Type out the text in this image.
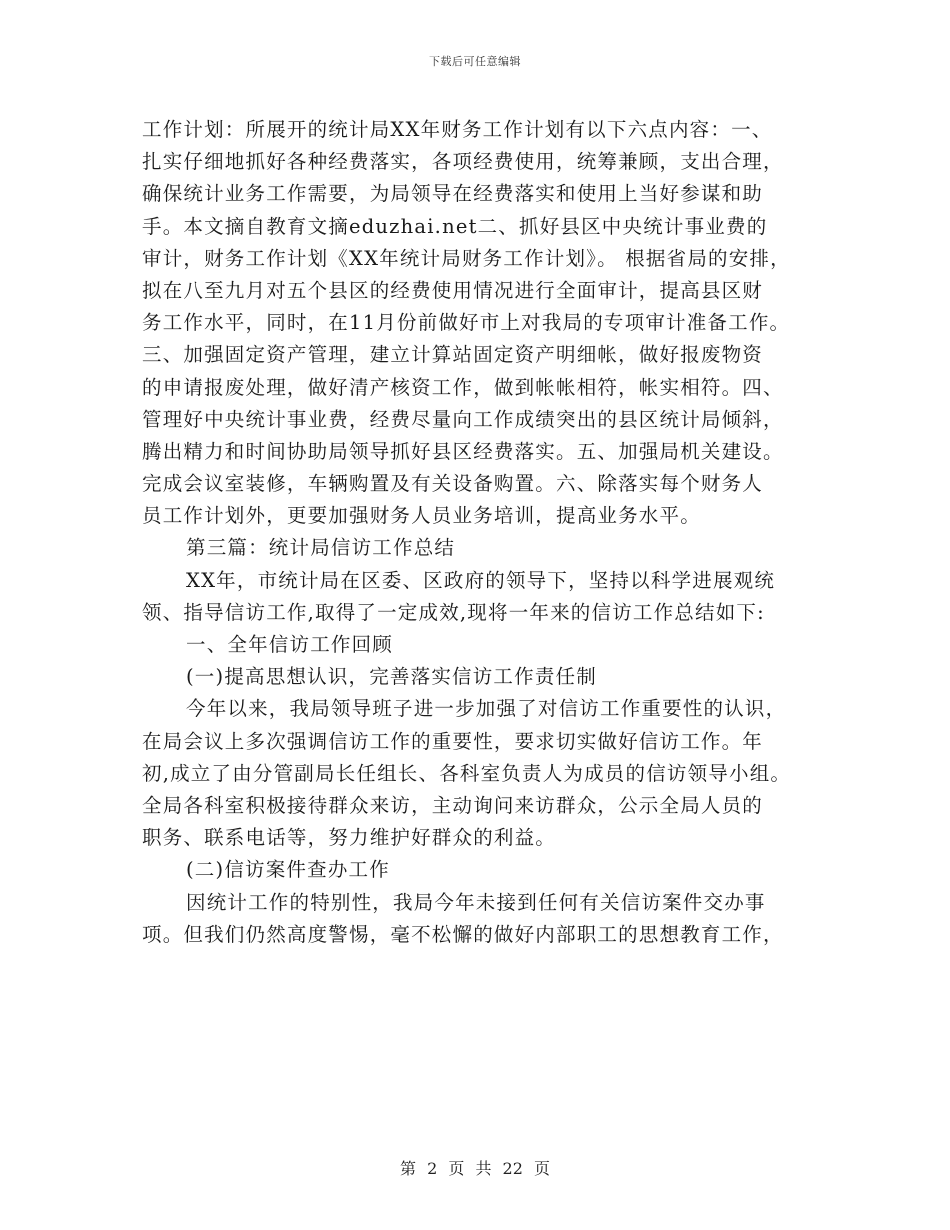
下载后可任意编辑
工作计划：所展开的统计局XX年财务工作计划有以下六点内容：一、
扎实仔细地抓好各种经费落实，各项经费使用，统筹兼顾，支出合理，
确保统计业务工作需要，为局领导在经费落实和使用上当好参谋和助
手。本文摘自教育文摘eduzhai.net二、抓好县区中央统计事业费的
审计，财务工作计划《XX年统计局财务工作计划》。 根据省局的安排，
拟在八至九月对五个县区的经费使用情况进行全面审计，提高县区财
务工作水平，同时，在11月份前做好市上对我局的专项审计准备工作。
三、加强固定资产管理，建立计算站固定资产明细帐，做好报废物资
的申请报废处理，做好清产核资工作，做到帐帐相符，帐实相符。四、
管理好中央统计事业费，经费尽量向工作成绩突出的县区统计局倾斜，
腾出精力和时间协助局领导抓好县区经费落实。五、加强局机关建设。
完成会议室装修，车辆购置及有关设备购置。六、除落实每个财务人
员工作计划外，更要加强财务人员业务培训，提高业务水平。
第三篇：统计局信访工作总结
XX年，市统计局在区委、区政府的领导下，坚持以科学进展观统
领、指导信访工作,取得了一定成效,现将一年来的信访工作总结如下:
一、全年信访工作回顾
(一)提高思想认识，完善落实信访工作责任制
今年以来，我局领导班子进一步加强了对信访工作重要性的认识，
在局会议上多次强调信访工作的重要性，要求切实做好信访工作。年
初,成立了由分管副局长任组长、各科室负责人为成员的信访领导小组。
全局各科室积极接待群众来访，主动询问来访群众，公示全局人员的
职务、联系电话等，努力维护好群众的利益。
(二)信访案件查办工作
因统计工作的特别性，我局今年未接到任何有关信访案件交办事
项。但我们仍然高度警惕，毫不松懈的做好内部职工的思想教育工作，
第 2 页 共 22 页
